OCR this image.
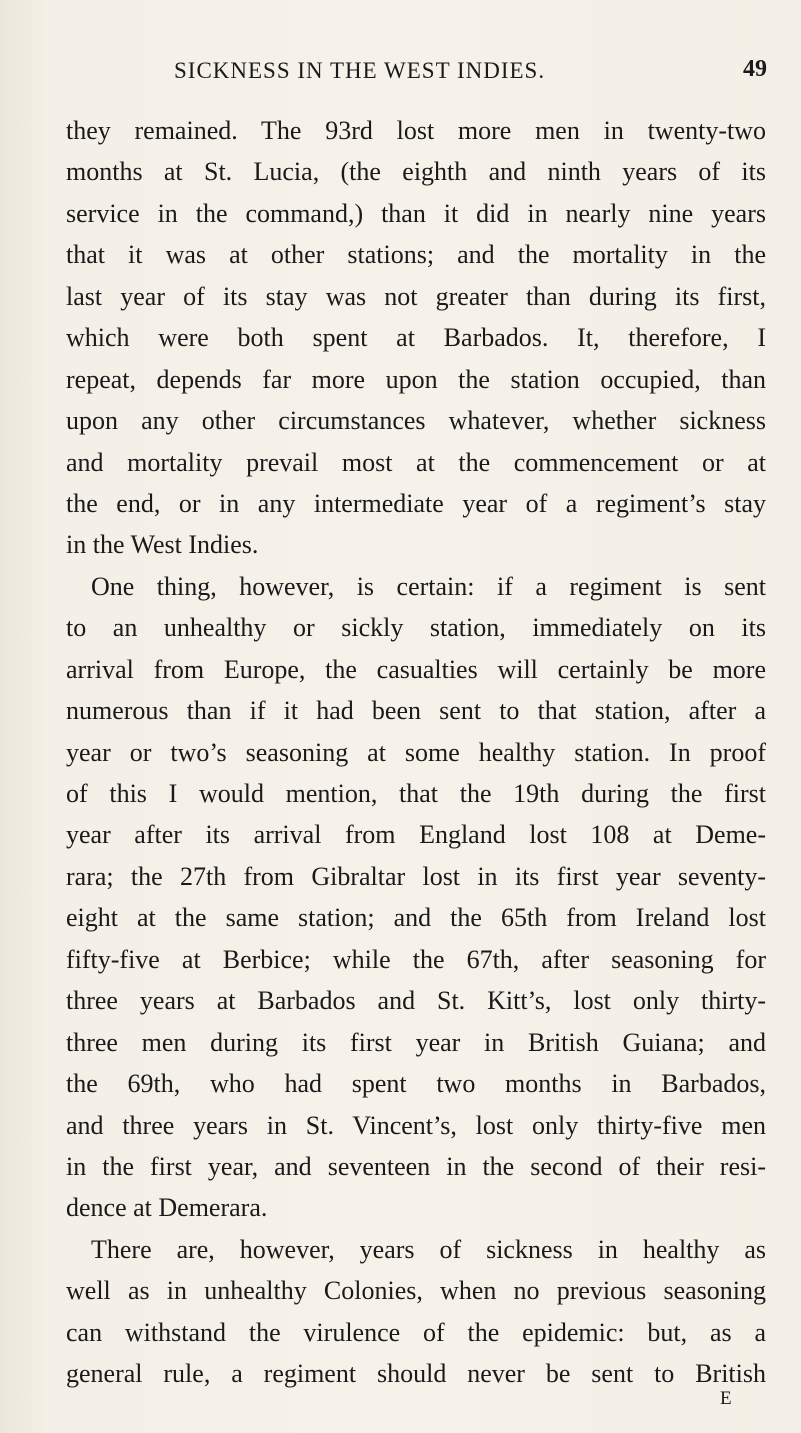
SICKNESS IN THE WEST INDIES.	49
they remained. The 93rd lost more men in twenty-two
months at St. Lucia, (the eighth and ninth years of its
service in the command,) than it did in nearly nine years
that it was at other stations; and the mortality in the
last year of its stay was not greater than during its first,
which were both spent at Barbados. It, therefore, I
repeat, depends far more upon the station occupied, than
upon any other circumstances whatever, whether sickness
and mortality prevail most at the commencement or at
the end, or in any intermediate year of a regiment’s stay
in the West Indies.
One thing, however, is certain: if a regiment is sent
to an unhealthy or sickly station, immediately on its
arrival from Europe, the casualties will certainly be more
numerous than if it had been sent to that station, after a
year or two’s seasoning at some healthy station. In proof
of this I would mention, that the 19th during the first
year after its arrival from England lost 108 at Deme-
rara; the 27th from Gibraltar lost in its first year seventy-
eight at the same station; and the 65th from Ireland lost
fifty-five at Berbice; while the 67th, after seasoning for
three years at Barbados and St. Kitt’s, lost only thirty-
three men during its first year in British Guiana; and
the 69th, who had spent two months in Barbados,
and three years in St. Vincent’s, lost only thirty-five men
in the first year, and seventeen in the second of their resi-
dence at Demerara.
There are, however, years of sickness in healthy as
well as in unhealthy Colonies, when no previous seasoning
can withstand the virulence of the epidemic: but, as a
general rule, a regiment should never be sent to British
E
